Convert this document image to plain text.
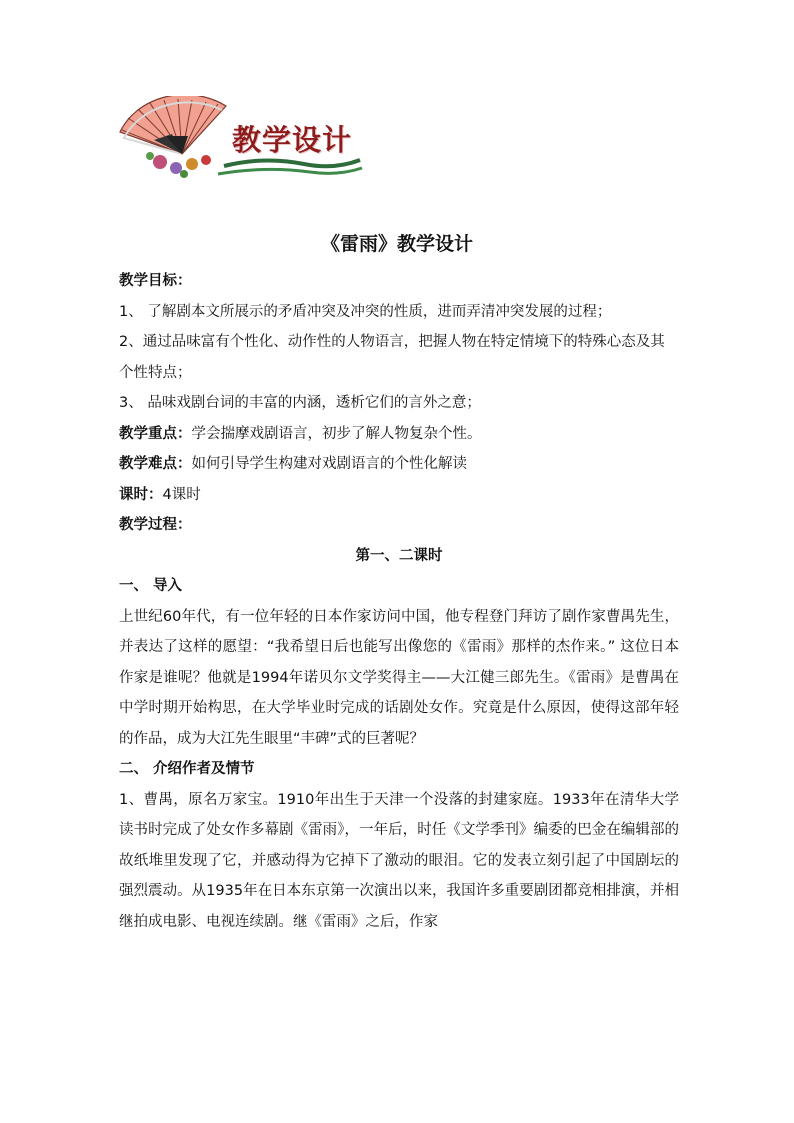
教学设计
《雷雨》教学设计

教学目标：

1、 了解剧本文所展示的矛盾冲突及冲突的性质，进而弄清冲突发展的过程；

2、通过品味富有个性化、动作性的人物语言，把握人物在特定情境下的特殊心态及其个性特点；

3、 品味戏剧台词的丰富的内涵，透析它们的言外之意；

教学重点：学会揣摩戏剧语言，初步了解人物复杂个性。

教学难点：如何引导学生构建对戏剧语言的个性化解读

课时：4课时

教学过程：

第一、二课时

一、 导入

上世纪60年代，有一位年轻的日本作家访问中国，他专程登门拜访了剧作家曹禺先生，并表达了这样的愿望：“我希望日后也能写出像您的《雷雨》那样的杰作来。” 这位日本作家是谁呢？他就是1994年诺贝尔文学奖得主——大江健三郎先生。《雷雨》是曹禺在中学时期开始构思，在大学毕业时完成的话剧处女作。究竟是什么原因，使得这部年轻的作品，成为大江先生眼里“丰碑”式的巨著呢？

二、 介绍作者及情节

1、曹禺，原名万家宝。1910年出生于天津一个没落的封建家庭。1933年在清华大学读书时完成了处女作多幕剧《雷雨》，一年后，时任《文学季刊》编委的巴金在编辑部的故纸堆里发现了它，并感动得为它掉下了激动的眼泪。它的发表立刻引起了中国剧坛的强烈震动。从1935年在日本东京第一次演出以来，我国许多重要剧团都竞相排演，并相继拍成电影、电视连续剧。继《雷雨》之后，作家
